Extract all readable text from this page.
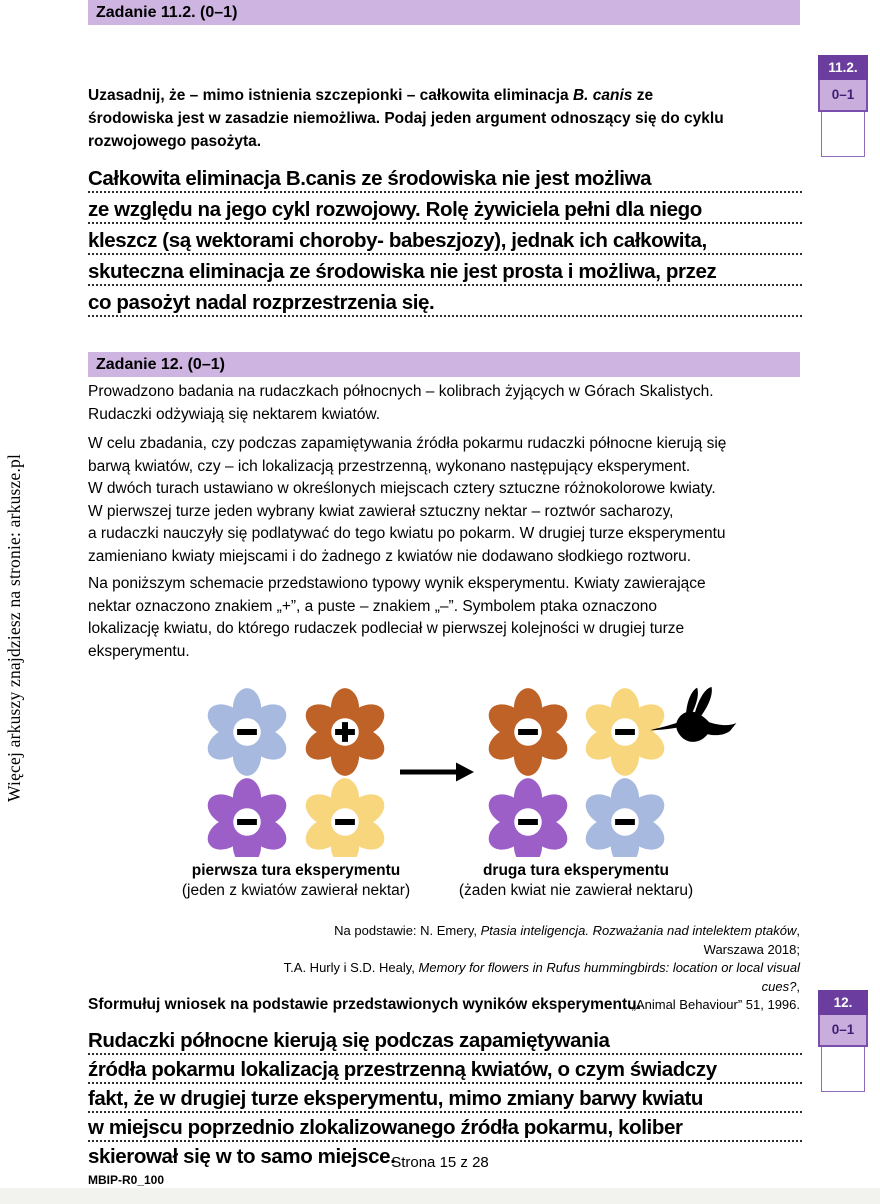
Więcej arkuszy znajdziesz na stronie: arkusze.pl
Zadanie 11.2. (0–1)
Uzasadnij, że – mimo istnienia szczepionki – całkowita eliminacja B. canis ze
środowiska jest w zasadzie niemożliwa. Podaj jeden argument odnoszący się do cyklu
rozwojowego pasożyta.
Całkowita eliminacja B.canis ze środowiska nie jest możliwa
ze względu na jego cykl rozwojowy. Rolę żywiciela pełni dla niego
kleszcz (są wektorami choroby- babeszjozy), jednak ich całkowita,
skuteczna eliminacja ze środowiska nie jest prosta i możliwa, przez
co pasożyt nadal rozprzestrzenia się.
11.2.
0–1
Zadanie 12. (0–1)
Prowadzono badania na rudaczkach północnych – kolibrach żyjących w Górach Skalistych.
Rudaczki odżywiają się nektarem kwiatów.
W celu zbadania, czy podczas zapamiętywania źródła pokarmu rudaczki północne kierują się
barwą kwiatów, czy – ich lokalizacją przestrzenną, wykonano następujący eksperyment.
W dwóch turach ustawiano w określonych miejscach cztery sztuczne różnokolorowe kwiaty.
W pierwszej turze jeden wybrany kwiat zawierał sztuczny nektar – roztwór sacharozy,
a rudaczki nauczyły się podlatywać do tego kwiatu po pokarm. W drugiej turze eksperymentu
zamieniano kwiaty miejscami i do żadnego z kwiatów nie dodawano słodkiego roztworu.
Na poniższym schemacie przedstawiono typowy wynik eksperymentu. Kwiaty zawierające
nektar oznaczono znakiem „+”, a puste – znakiem „–”. Symbolem ptaka oznaczono
lokalizację kwiatu, do którego rudaczek podleciał w pierwszej kolejności w drugiej turze
eksperymentu.
pierwsza tura eksperymentu
(jeden z kwiatów zawierał nektar)
druga tura eksperymentu
(żaden kwiat nie zawierał nektaru)
Na podstawie: N. Emery, Ptasia inteligencja. Rozważania nad intelektem ptaków, Warszawa 2018;
T.A. Hurly i S.D. Healy, Memory for flowers in Rufus hummingbirds: location or local visual cues?,
„Animal Behaviour” 51, 1996.
Sformułuj wniosek na podstawie przedstawionych wyników eksperymentu.
Rudaczki północne kierują się podczas zapamiętywania
źródła pokarmu lokalizacją przestrzenną kwiatów, o czym świadczy
fakt, że w drugiej turze eksperymentu, mimo zmiany barwy kwiatu
w miejscu poprzednio zlokalizowanego źródła pokarmu, koliber
skierował się w to samo miejsce.
12.
0–1
Strona 15 z 28
MBIP-R0_100
